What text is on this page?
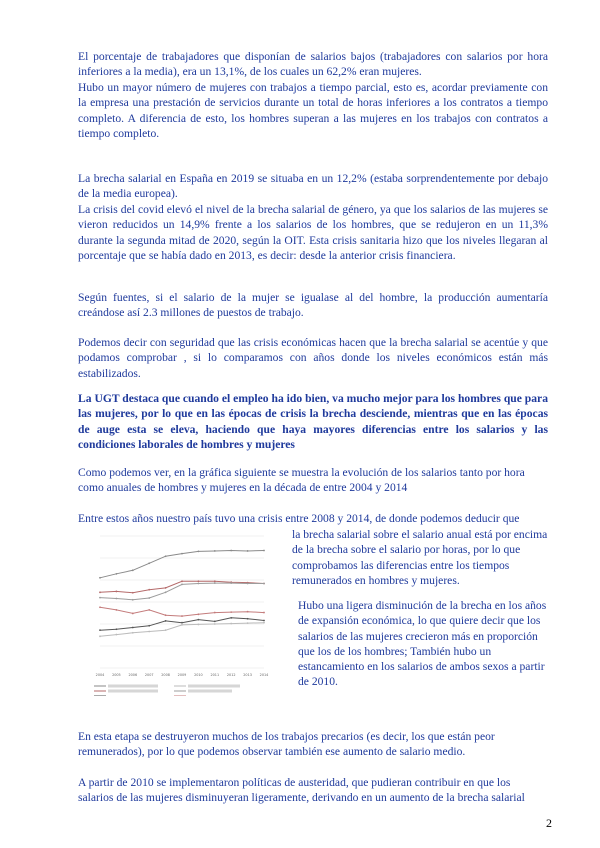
El porcentaje de trabajadores que disponían de salarios bajos (trabajadores con salarios por hora inferiores a la media), era un 13,1%, de los cuales un 62,2% eran mujeres.

Hubo un mayor número de mujeres con trabajos a tiempo parcial, esto es, acordar previamente con la empresa una prestación de servicios durante un total de horas inferiores a los contratos a tiempo completo. A diferencia de esto, los hombres superan a las mujeres en los trabajos con contratos a tiempo completo.

La brecha salarial en España en 2019 se situaba en un 12,2% (estaba sorprendentemente por debajo de la media europea).

La crisis del covid elevó el nivel de la brecha salarial de género, ya que los salarios de las mujeres se vieron reducidos un 14,9% frente a los salarios de los hombres, que se redujeron en un 11,3% durante la segunda mitad de 2020, según la OIT. Esta crisis sanitaria hizo que los niveles llegaran al porcentaje que se había dado en 2013, es decir: desde la anterior crisis financiera.

Según fuentes, si el salario de la mujer se igualase al del hombre, la producción aumentaría creándose así 2.3 millones de puestos de trabajo.

Podemos decir con seguridad que las crisis económicas hacen que la brecha salarial se acentúe y que podamos comprobar , si lo comparamos con años donde los niveles económicos están más estabilizados.

La UGT destaca que cuando el empleo ha ido bien, va mucho mejor para los hombres que para las mujeres, por lo que en las épocas de crisis la brecha desciende, mientras que en las épocas de auge esta se eleva, haciendo que haya mayores diferencias entre los salarios y las condiciones laborales de hombres y mujeres

Como podemos ver, en la gráfica siguiente se muestra la evolución de los salarios tanto por hora como anuales de hombres y mujeres en la década de entre 2004 y 2014

Entre estos años nuestro país tuvo una crisis entre 2008 y 2014, de donde podemos deducir que

la brecha salarial sobre el salario anual está por encima de la brecha sobre el salario por horas, por lo que comprobamos las diferencias entre los tiempos remunerados en hombres y mujeres.

Hubo una ligera disminución de la brecha en los años de expansión económica, lo que quiere decir que los salarios de las mujeres crecieron más en proporción que los de los hombres; También hubo un estancamiento en los salarios de ambos sexos a partir de 2010.

En esta etapa se destruyeron muchos de los trabajos precarios (es decir, los que están peor remunerados), por lo que podemos observar también ese aumento de salario medio.

A partir de 2010 se implementaron políticas de austeridad, que pudieran contribuir en que los salarios de las mujeres disminuyeran ligeramente, derivando en un aumento de la brecha salarial

2004 2005 2006 2007 2008 2009 2010 2011 2012 2013 2014
2
